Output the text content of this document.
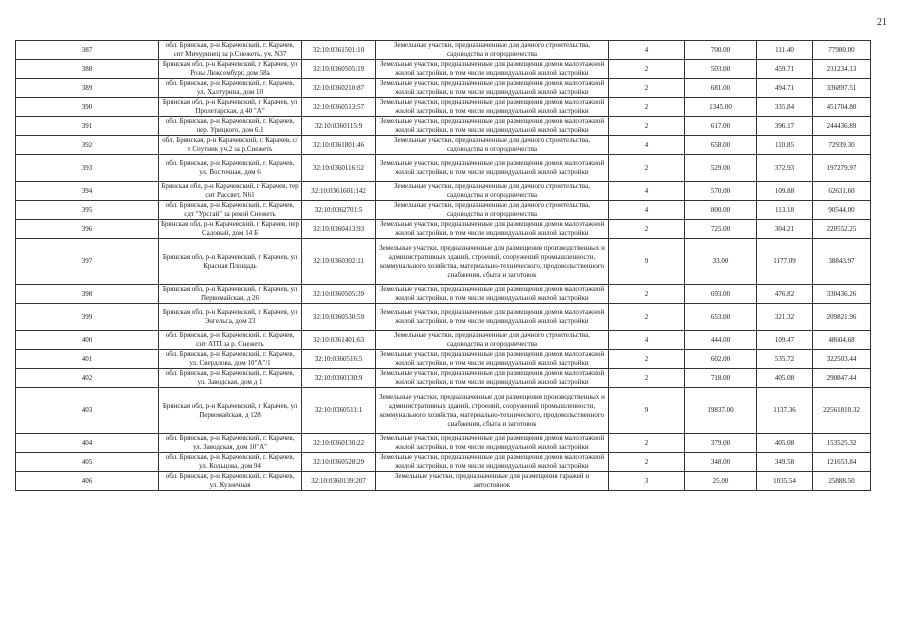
21
387	обл. Брянская, р-н Карачевский, г. Карачев, снт Мичуринец за р.Снежеть, уч. N37	32:10:0361501:10	Земельные участки, предназначенные для дачного строительства, садоводства и огородничества	4	700.00	111.40	77980.00
388	Брянская обл, р-н Карачевский, г Карачев, ул Розы Люксембург, дом 58а	32:10:0360505:19	Земельные участки, предназначенные для размещения домов малоэтажной жилой застройки, в том числе индивидуальной жилой застройки	2	503.00	459.71	231234.13
389	обл. Брянская, р-н Карачевский, г. Карачев, ул. Халтурина, дом 10	32:10:0360210:87	Земельные участки, предназначенные для размещения домов малоэтажной жилой застройки, в том числе индивидуальной жилой застройки	2	681.00	494.71	336897.51
390	Брянская обл, р-н Карачевский, г Карачев, ул Пролетарская, д 40 "А"	32:10:0360513:57	Земельные участки, предназначенные для размещения домов малоэтажной жилой застройки, в том числе индивидуальной жилой застройки	2	1345.00	335.84	451704.80
391	обл. Брянская, р-н Карачевский, г. Карачев, пер. Урицкого, дом 6.1	32:10:0360115:9	Земельные участки, предназначенные для размещения домов малоэтажной жилой застройки, в том числе индивидуальной жилой застройки	2	617.00	396.17	244436.89
392	обл. Брянская, р-н Карачевский, г. Карачев, с/т Спутник уч.2 за р.Снежеть	32:10:0361801:46	Земельные участки, предназначенные для дачного строительства, садоводства и огородничества	4	658.00	110.85	72939.30
393	обл. Брянская, р-н Карачевский, г. Карачев, ул. Восточная, дом 6	32:10:0360116:52	Земельные участки, предназначенные для размещения домов малоэтажной жилой застройки, в том числе индивидуальной жилой застройки	2	529.00	372.93	197279.97
394	Брянская обл, р-н Карачевский, г Карачев, тер снт Рассвет, N61	32:10:0361601:142	Земельные участки, предназначенные для дачного строительства, садоводства и огородничества	4	570.00	109.88	62631.60
395	обл. Брянская, р-н Карачевский, г. Карачев, сдт "Урсгай" за рекой Снежеть	32:10:0362701:5	Земельные участки, предназначенные для дачного строительства, садоводства и огородничества	4	800.00	113.18	90544.00
396	Брянская обл, р-н Карачевский, г Карачев, пер Садовый, дом 14 Б	32:10:0360413:93	Земельные участки, предназначенные для размещения домов малоэтажной жилой застройки, в том числе индивидуальной жилой застройки	2	725.00	304.21	220552.25
397	Брянская обл, р-н Карачевский, г Карачев, ул Красная Площадь	32:10:0360302:11	Земельные участки, предназначенные для размещения производственных и административных зданий, строений, сооружений промышленности, коммунального хозяйства, материально-технического, продовольственного снабжения, сбыта и заготовок	9	33.00	1177.09	38843.97
398	Брянская обл, р-н Карачевский, г Карачев, ул Первомайская, д 26	32:10:0360505:39	Земельные участки, предназначенные для размещения домов малоэтажной жилой застройки, в том числе индивидуальной жилой застройки	2	693.00	476.82	330436.26
399	Брянская обл, р-н Карачевский, г Карачев, ул Энгельса, дом 23	32:10:0360530:59	Земельные участки, предназначенные для размещения домов малоэтажной жилой застройки, в том числе индивидуальной жилой застройки	2	653.00	321.32	209821.96
400	обл. Брянская, р-н Карачевский, г. Карачев, снт АТП за р. Снежеть	32:10:0361401:63	Земельные участки, предназначенные для дачного строительства, садоводства и огородничества	4	444.00	109.47	48604.68
401	обл. Брянская, р-н Карачевский, г. Карачев, ул. Свердлова, дом 10"А"/1	32:10:0360516:5	Земельные участки, предназначенные для размещения домов малоэтажной жилой застройки, в том числе индивидуальной жилой застройки	2	602.00	535.72	322503.44
402	обл. Брянская, р-н Карачевский, г. Карачев, ул. Заводская, дом д 1	32:10:0360130:9	Земельные участки, предназначенные для размещения домов малоэтажной жилой застройки, в том числе индивидуальной жилой застройки	2	718.00	405.08	290847.44
403	Брянская обл, р-н Карачевский, г Карачев, ул Первомайская, д 128	32:10:0360511:1	Земельные участки, предназначенные для размещения производственных и административных зданий, строений, сооружений промышленности, коммунального хозяйства, материально-технического, продовольственного снабжения, сбыта и заготовок	9	19837.00	1137.36	22561810.32
404	обл. Брянская, р-н Карачевский, г. Карачев, ул. Заводская, дом 10"А"	32:10:0360130:22	Земельные участки, предназначенные для размещения домов малоэтажной жилой застройки, в том числе индивидуальной жилой застройки	2	379.00	405.08	153525.32
405	обл. Брянская, р-н Карачевский, г. Карачев, ул. Кольцова, дом 94	32:10:0360528:29	Земельные участки, предназначенные для размещения домов малоэтажной жилой застройки, в том числе индивидуальной жилой застройки	2	348.00	349.58	121653.84
406	обл. Брянская, р-н Карачевский, г. Карачев, ул. Кузнечная	32:10:0360139:207	Земельные участки, предназначенные для размещения гаражей и автостоянок	3	25.00	1035.54	25888.50
